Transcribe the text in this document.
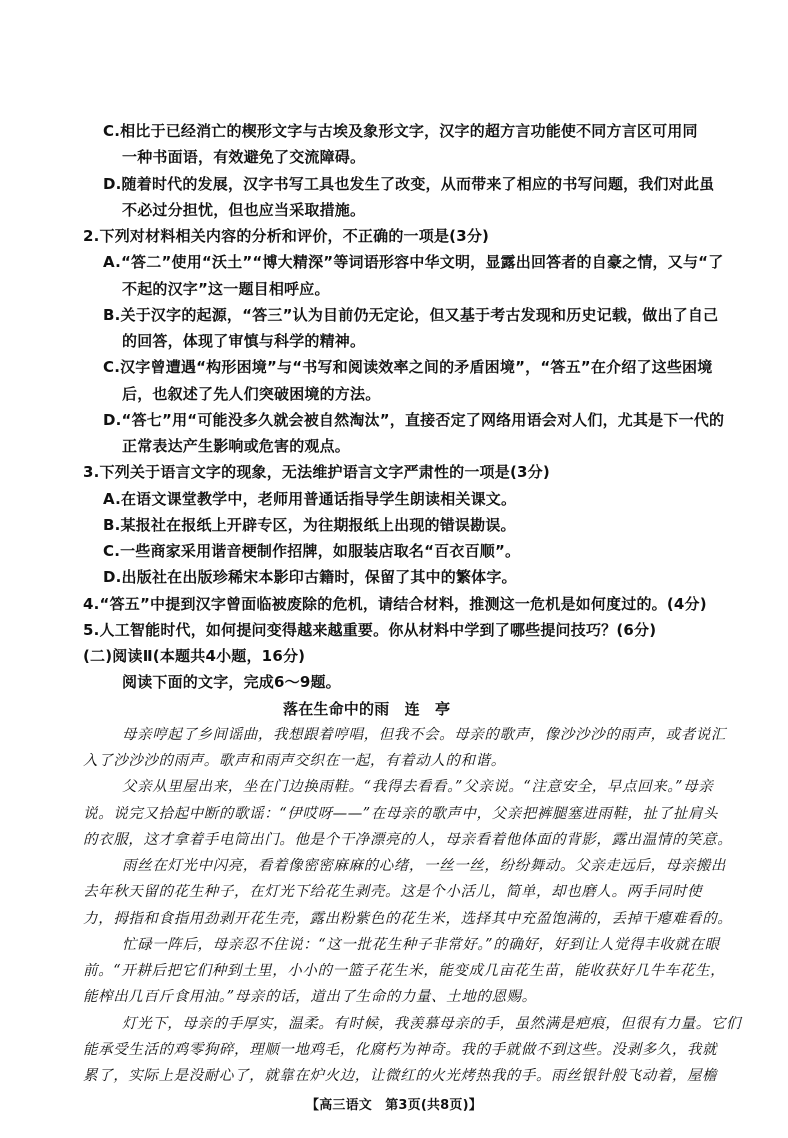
C.相比于已经消亡的楔形文字与古埃及象形文字，汉字的超方言功能使不同方言区可用同
一种书面语，有效避免了交流障碍。
D.随着时代的发展，汉字书写工具也发生了改变，从而带来了相应的书写问题，我们对此虽
不必过分担忧，但也应当采取措施。
2.下列对材料相关内容的分析和评价，不正确的一项是(3分)
A.“答二”使用“沃土”“博大精深”等词语形容中华文明，显露出回答者的自豪之情，又与“了
不起的汉字”这一题目相呼应。
B.关于汉字的起源，“答三”认为目前仍无定论，但又基于考古发现和历史记载，做出了自己
的回答，体现了审慎与科学的精神。
C.汉字曾遭遇“构形困境”与“书写和阅读效率之间的矛盾困境”，“答五”在介绍了这些困境
后，也叙述了先人们突破困境的方法。
D.“答七”用“可能没多久就会被自然淘汰”，直接否定了网络用语会对人们，尤其是下一代的
正常表达产生影响或危害的观点。
3.下列关于语言文字的现象，无法维护语言文字严肃性的一项是(3分)
A.在语文课堂教学中，老师用普通话指导学生朗读相关课文。
B.某报社在报纸上开辟专区，为往期报纸上出现的错误勘误。
C.一些商家采用谐音梗制作招牌，如服装店取名“百衣百顺”。
D.出版社在出版珍稀宋本影印古籍时，保留了其中的繁体字。
4.“答五”中提到汉字曾面临被废除的危机，请结合材料，推测这一危机是如何度过的。(4分)
5.人工智能时代，如何提问变得越来越重要。你从材料中学到了哪些提问技巧？(6分)
(二)阅读Ⅱ(本题共4小题，16分)
阅读下面的文字，完成6～9题。
落在生命中的雨　连　亭
母亲哼起了乡间谣曲，我想跟着哼唱，但我不会。母亲的歌声，像沙沙沙的雨声，或者说汇
入了沙沙沙的雨声。歌声和雨声交织在一起，有着动人的和谐。
父亲从里屋出来，坐在门边换雨鞋。“我得去看看。”父亲说。“注意安全，早点回来。”母亲
说。说完又拾起中断的歌谣：“伊哎呀——”在母亲的歌声中，父亲把裤腿塞进雨鞋，扯了扯肩头
的衣服，这才拿着手电筒出门。他是个干净漂亮的人，母亲看着他体面的背影，露出温情的笑意。
雨丝在灯光中闪亮，看着像密密麻麻的心绪，一丝一丝，纷纷舞动。父亲走远后，母亲搬出
去年秋天留的花生种子，在灯光下给花生剥壳。这是个小活儿，简单，却也磨人。两手同时使
力，拇指和食指用劲剥开花生壳，露出粉紫色的花生米，选择其中充盈饱满的，丢掉干瘪难看的。
忙碌一阵后，母亲忍不住说：“这一批花生种子非常好。”的确好，好到让人觉得丰收就在眼
前。“开耕后把它们种到土里，小小的一篮子花生米，能变成几亩花生苗，能收获好几牛车花生，
能榨出几百斤食用油。”母亲的话，道出了生命的力量、土地的恩赐。
灯光下，母亲的手厚实，温柔。有时候，我羡慕母亲的手，虽然满是疤痕，但很有力量。它们
能承受生活的鸡零狗碎，理顺一地鸡毛，化腐朽为神奇。我的手就做不到这些。没剥多久，我就
累了，实际上是没耐心了，就靠在炉火边，让微红的火光烤热我的手。雨丝银针般飞动着，屋檐
【高三语文　第3页(共8页)】
